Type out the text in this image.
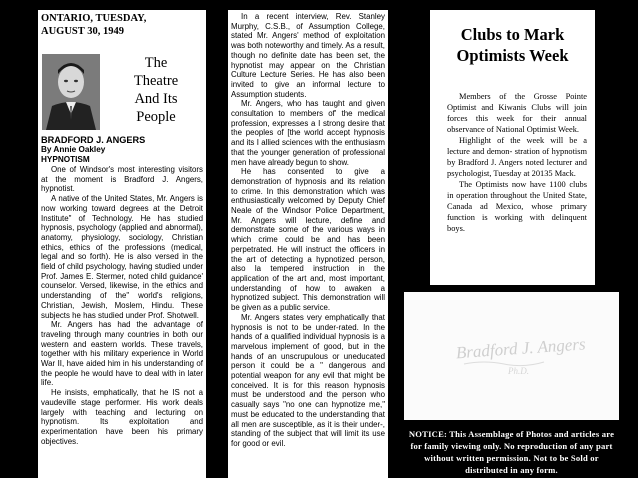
ONTARIO, TUESDAY, AUGUST 30, 1949
The
Theatre
And Its
People
BRADFORD J. ANGERS
By Annie Oakley
HYPNOTISM

One of Windsor's most interesting visitors at the moment is Bradford J. Angers, hypnotist.

A native of the United States, Mr. Angers is now working toward degrees at the Detroit Institute" of Technology. He has studied hypnosis, psychology (applied and abnormal), anatomy, physiology, sociology, Christian ethics, ethics of the professions (medical, legal and so forth). He is also versed in the field of child psychology, having studied under Prof. James E. Stermer, noted child guidance' counselor. Versed, likewise, in the ethics and understanding of the" world's religions, Christian, Jewish, Moslem, Hindu. These subjects he has studied under Prof. Shotwell.

Mr. Angers has had the advantage of traveling through many countries in both our western and eastern worlds. These travels, together with his military experience in World War II, have aided him in his understanding of the people he would have to deal with in later life.

He insists, emphatically, that he IS not a vaudeville stage performer. His work deals largely with teaching and lecturing on hypnotism. Its exploitation and experimentation have been his primary objectives.

In a recent interview, Rev. Stanley Murphy, C.S.B., of Assumption College, stated Mr. Angers' method of exploitation was both noteworthy and timely. As a result, though no definite date has been set, the hypnotist may appear on the Christian Culture Lecture Series. He has also been invited to give an informal lecture to Assumption students.

Mr. Angers, who has taught and given consultation to members of' the medical profession, expresses a I strong desire that the peoples of [the world accept hypnosis and its I allied sciences with the enthusiasm that the younger generation of professional men have already begun to show.

He has consented to give a demonstration of hypnosis and its relation to crime. In this demonstration which was enthusiastically welcomed by Deputy Chief Neale of the Windsor Police Department, Mr. Angers will lecture, define and demonstrate some of the various ways in which crime could be and has been perpetrated. He will instruct the officers in the art of detecting a hypnotized person, also la tempered instruction in the application of the art and, most important, understanding of how to awaken a hypnotized subject. This demonstration will be given as a public service.

Mr. Angers states very emphatically that hypnosis is not to be under-rated. In the hands of a qualified individual hypnosis is a marvelous implement of good, but in the hands of an unscrupulous or uneducated person it could be a " dangerous and potential weapon for any evil that might be conceived. It is for this reason hypnosis must be understood and the person who casually says "no one can hypnotize me," must be educated to the understanding that all men are susceptible, as it is their under-, standing of the subject that will limit its use for good or evil.

Clubs to Mark
Optimists Week

Members of the Grosse Pointe Optimist and Kiwanis Clubs will join forces this week for their annual observance of National Optimist Week.

Highlight of the week will be a lecture and demon- stration of hypnotism by Bradford J. Angers noted lecturer and psychologist, Tuesday at 20135 Mack.

The Optimists now have 1100 clubs in operation throughout the United State, Canada ad Mexico, whose primary function is working with delinquent boys.

Bradford J. Angers
Ph.D.
NOTICE: This Assemblage of Photos and articles are for family viewing only. No reproduction of any part without written permission. Not to be Sold or distributed in any form.
